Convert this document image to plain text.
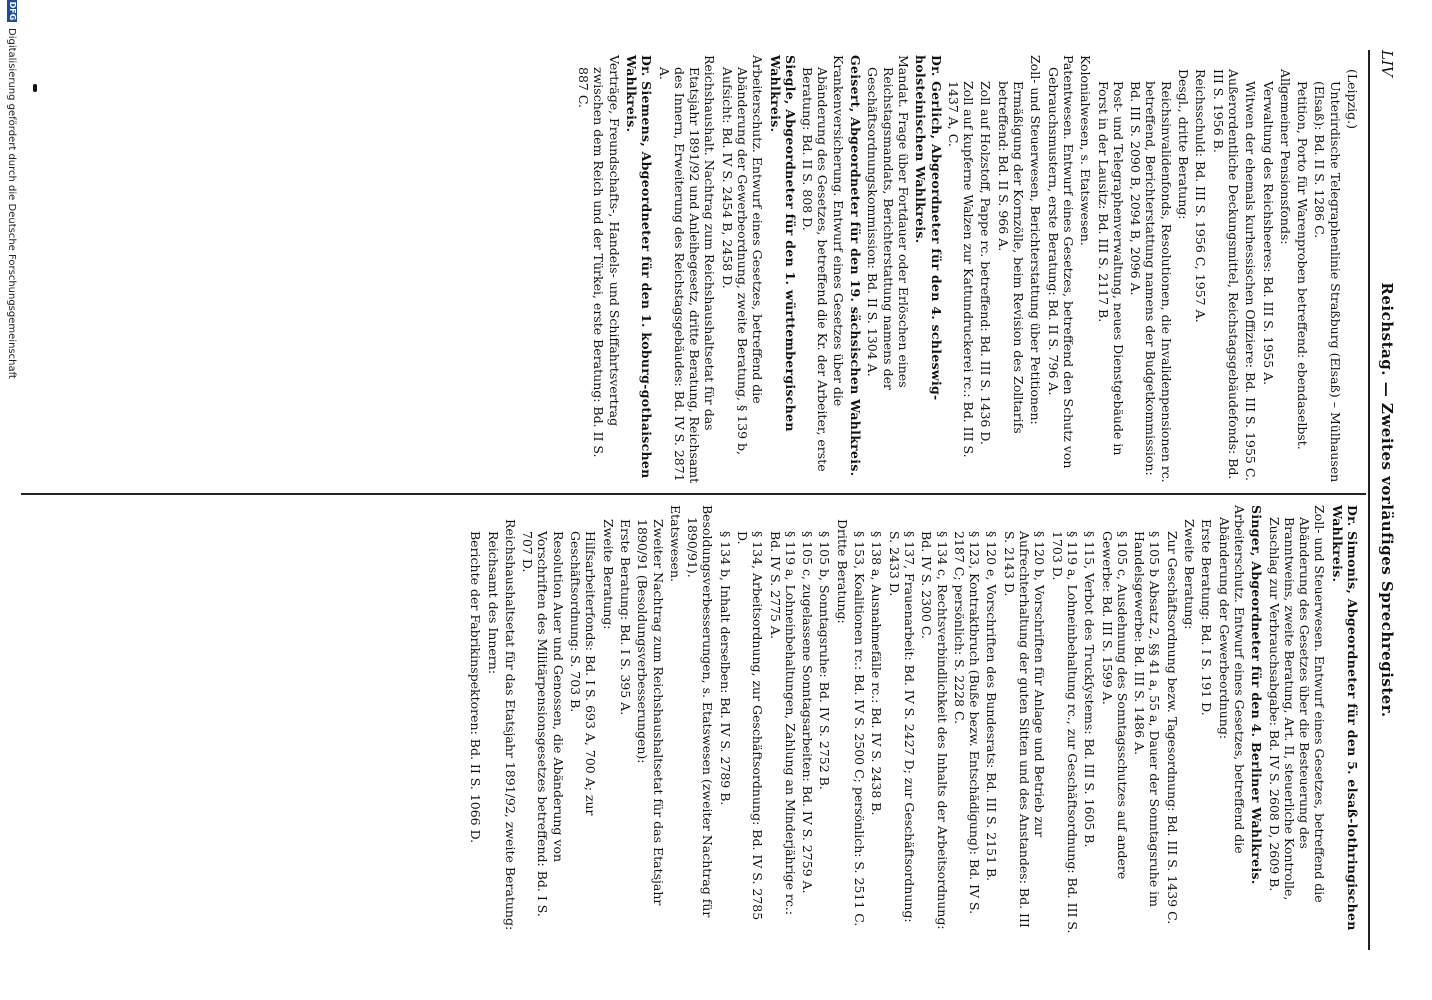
LIV
Reichstag. — Zweites vorläufiges Sprechregister.
(Leipzig.)
Unterirdische Telegraphenlinie Straßburg (Elsaß) – Mülhausen (Elsaß): Bd. II S. 1286 C.
Petition, Porto für Warenproben betreffend: ebendaselbst.
Allgemeiner Pensionsfonds:
Verwaltung des Reichsheeres: Bd. III S. 1955 A.
Witwen der ehemals kurhessischen Offiziere: Bd. III S. 1955 C.
Außerordentliche Deckungsmittel, Reichstagsgebäudefonds: Bd. III S. 1956 B.
Reichsschuld: Bd. III S. 1956 C, 1957 A.
Desgl., dritte Beratung:
Reichsinvalidenfonds, Resolutionen, die Invalidenpensionen rc. betreffend, Berichterstattung namens der Budgetkommission: Bd. III S. 2090 B, 2094 B, 2096 A.
Post- und Telegraphenverwaltung, neues Dienstgebäude in Forst in der Lausitz: Bd. III S. 2117 B.
Kolonialwesen, s. Etatswesen.
Patentwesen. Entwurf eines Gesetzes, betreffend den Schutz von Gebrauchsmustern, erste Beratung: Bd. II S. 796 A.
Zoll- und Steuerwesen, Berichterstattung über Petitionen:
Ermäßigung der Kornzölle, beim Revision des Zolltarifs betreffend: Bd. II S. 966 A.
Zoll auf Holzstoff, Pappe rc. betreffend: Bd. III S. 1436 D.
Zoll auf kupferne Walzen zur Kattundruckerei rc.: Bd. III S. 1437 A, C.
Dr. Gerlich, Abgeordneter für den 4. schleswig-holsteinischen Wahlkreis.
Mandat. Frage über Fortdauer oder Erlöschen eines Reichstagsmandats, Berichterstattung namens der Geschäftsordnungskommission: Bd. II S. 1304 A.
Geisert, Abgeordneter für den 19. sächsischen Wahlkreis.
Krankenversicherung. Entwurf eines Gesetzes über die Abänderung des Gesetzes, betreffend die Kr. der Arbeiter, erste Beratung: Bd. II S. 808 D.
Siegle, Abgeordneter für den 1. württembergischen Wahlkreis.
Arbeiterschutz. Entwurf eines Gesetzes, betreffend die Abänderung der Gewerbeordnung, zweite Beratung, § 139 b, Aufsicht: Bd. IV S. 2454 B, 2458 D.
Reichshaushalt. Nachtrag zum Reichshaushaltsetat für das Etatsjahr 1891/92 und Anleihegesetz, dritte Beratung, Reichsamt des Innern, Erweiterung des Reichstagsgebäudes: Bd. IV S. 2871 A.
Dr. Siemens, Abgeordneter für den 1. koburg-gothaischen Wahlkreis.
Verträge, Freundschafts-, Handels- und Schiffahrtsvertrag zwischen dem Reich und der Türkei, erste Beratung: Bd. II S. 887 C.
Dr. Simonis, Abgeordneter für den 5. elsaß-lothringischen Wahlkreis.
Zoll- und Steuerwesen. Entwurf eines Gesetzes, betreffend die Abänderung des Gesetzes über die Besteuerung des Branntweins, zweite Beratung, Art. II, steuerliche Kontrolle, Zuschlag zur Verbrauchsabgabe: Bd. IV S. 2608 D, 2609 B.
Singer, Abgeordneter für den 4. Berliner Wahlkreis.
Arbeiterschutz. Entwurf eines Gesetzes, betreffend die Abänderung der Gewerbeordnung:
Erste Beratung: Bd. I S. 191 D.
Zweite Beratung:
Zur Geschäftsordnung bezw. Tagesordnung: Bd. III S. 1439 C.
§ 105 b Absatz 2, §§ 41 a, 55 a, Dauer der Sonntagsruhe im Handelsgewerbe: Bd. III S. 1486 A.
§ 105 c, Ausdehnung des Sonntagsschutzes auf andere Gewerbe: Bd. III S. 1599 A.
§ 115, Verbot des Truckſystems: Bd. III S. 1605 B.
§ 119 a, Lohneinbehaltung rc., zur Geschäftsordnung: Bd. III S. 1703 D.
§ 120 b, Vorschriften für Anlage und Betrieb zur Aufrechterhaltung der guten Sitten und des Anstandes: Bd. III S. 2143 D.
§ 120 e, Vorschriften des Bundesrats: Bd. III S. 2151 B.
§ 123, Kontraktbruch (Buße bezw. Entschädigung): Bd. IV S. 2187 C; persönlich: S. 2228 C.
§ 134 c, Rechtsverbindlichkeit des Inhalts der Arbeitsordnung: Bd. IV S. 2300 C.
§ 137, Frauenarbeit: Bd. IV S. 2427 D; zur Geschäftsordnung: S. 2433 D.
§ 138 a, Ausnahmefälle rc.: Bd. IV S. 2438 B.
§ 153, Koalitionen rc.: Bd. IV S. 2500 C; persönlich: S. 2511 C.
Dritte Beratung:
§ 105 b, Sonntagsruhe: Bd. IV S. 2752 B.
§ 105 c, zugelassene Sonntagsarbeiten: Bd. IV S. 2759 A.
§ 119 a, Lohneinbehaltungen, Zahlung an Minderjährige rc.: Bd. IV S. 2775 A.
§ 134, Arbeitsordnung, zur Geschäftsordnung: Bd. IV S. 2785 D.
§ 134 b, Inhalt derselben: Bd. IV S. 2789 B.
Besoldungsverbesserungen, s. Etatswesen (zweiter Nachtrag für 1890/91).
Etatswesen.
Zweiter Nachtrag zum Reichshaushaltsetat für das Etatsjahr 1890/91 (Besoldungsverbesserungen):
Erste Beratung: Bd. I S. 395 A.
Zweite Beratung:
Hilfsarbeiterfonds: Bd. I S. 693 A, 700 A; zur Geschäftsordnung: S. 703 B.
Resolution Auer und Genossen, die Abänderung von Vorschriften des Militärpensionsgesetzes betreffend: Bd. I S. 707 D.
Reichshaushaltsetat für das Etatsjahr 1891/92, zweite Beratung:
Reichsamt des Innern:
Berichte der Fabrikinspektoren: Bd. II S. 1066 D.
DFGDigitalisierung gefördert durch die Deutsche Forschungsgemeinschaft
